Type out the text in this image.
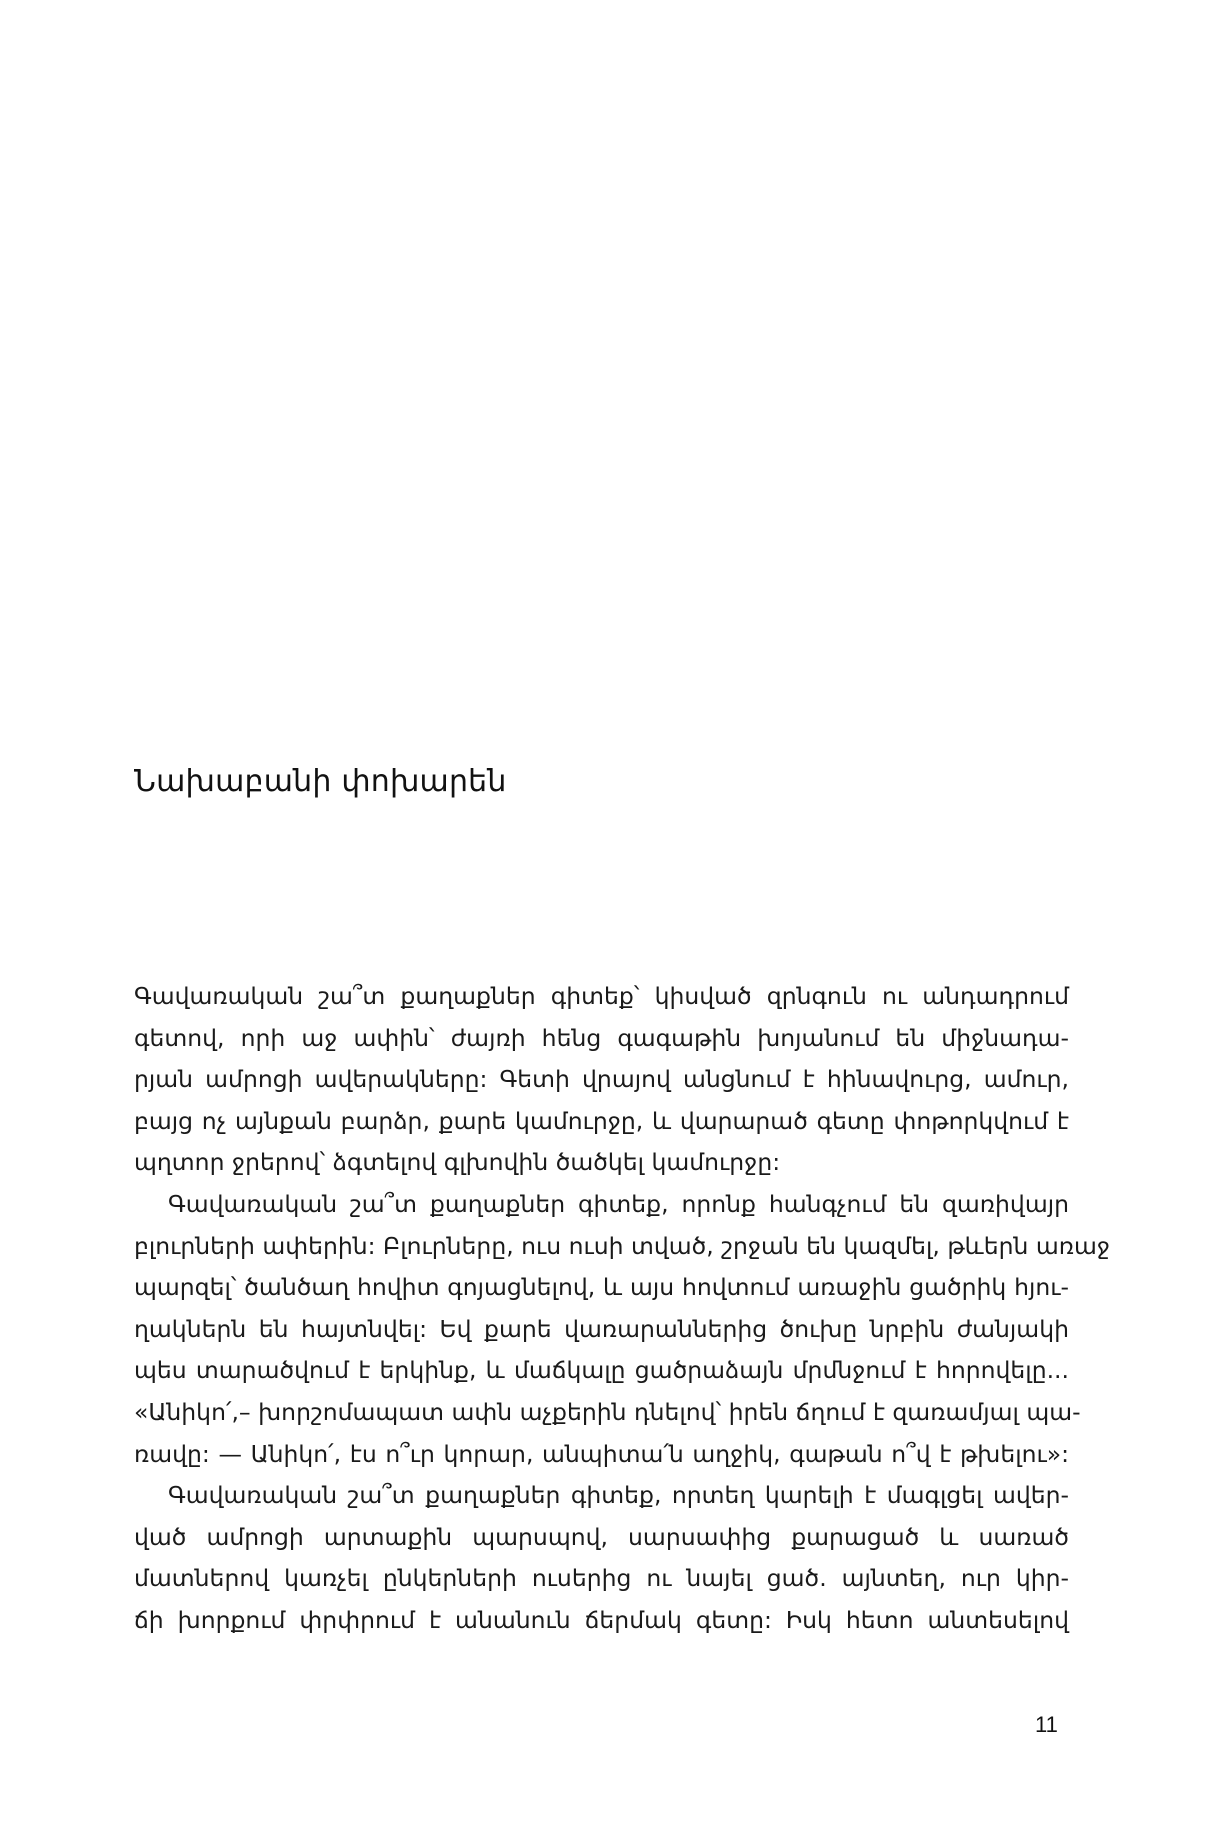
Նախաբանի փոխարեն
Գավառական շա՞տ քաղաքներ գիտեք՝ կիսված զրնգուն ու անդադրում
գետով, որի աջ ափին՝ ժայռի հենց գագաթին խոյանում են միջնադա-
րյան ամրոցի ավերակները: Գետի վրայով անցնում է հինավուրց, ամուր,
բայց ոչ այնքան բարձր, քարե կամուրջը, և վարարած գետը փոթորկվում է
պղտոր ջրերով՝ ձգտելով գլխովին ծածկել կամուրջը:
Գավառական շա՞տ քաղաքներ գիտեք, որոնք հանգչում են զառիվայր
բլուրների ափերին: Բլուրները, ուս ուսի տված, շրջան են կազմել, թևերն առաջ
պարզել՝ ծանծաղ հովիտ գոյացնելով, և այս հովտում առաջին ցածրիկ հյու-
ղակներն են հայտնվել: Եվ քարե վառարաններից ծուխը նրբին ժանյակի
պես տարածվում է երկինք, և մաճկալը ցածրաձայն մրմնջում է հորովելը...
«Անիկո՛,– խորշոմապատ ափն աչքերին դնելով՝ իրեն ճղում է զառամյալ պա-
ռավը: — Անիկո՛, էս ո՞ւր կորար, անպիտա՛ն աղջիկ, գաթան ո՞վ է թխելու»:
Գավառական շա՞տ քաղաքներ գիտեք, որտեղ կարելի է մագլցել ավեր-
ված ամրոցի արտաքին պարսպով, սարսափից քարացած և սառած
մատներով կառչել ընկերների ուսերից ու նայել ցած. այնտեղ, ուր կիր-
ճի խորքում փրփրում է անանուն ճերմակ գետը: Իսկ հետո անտեսելով
11
